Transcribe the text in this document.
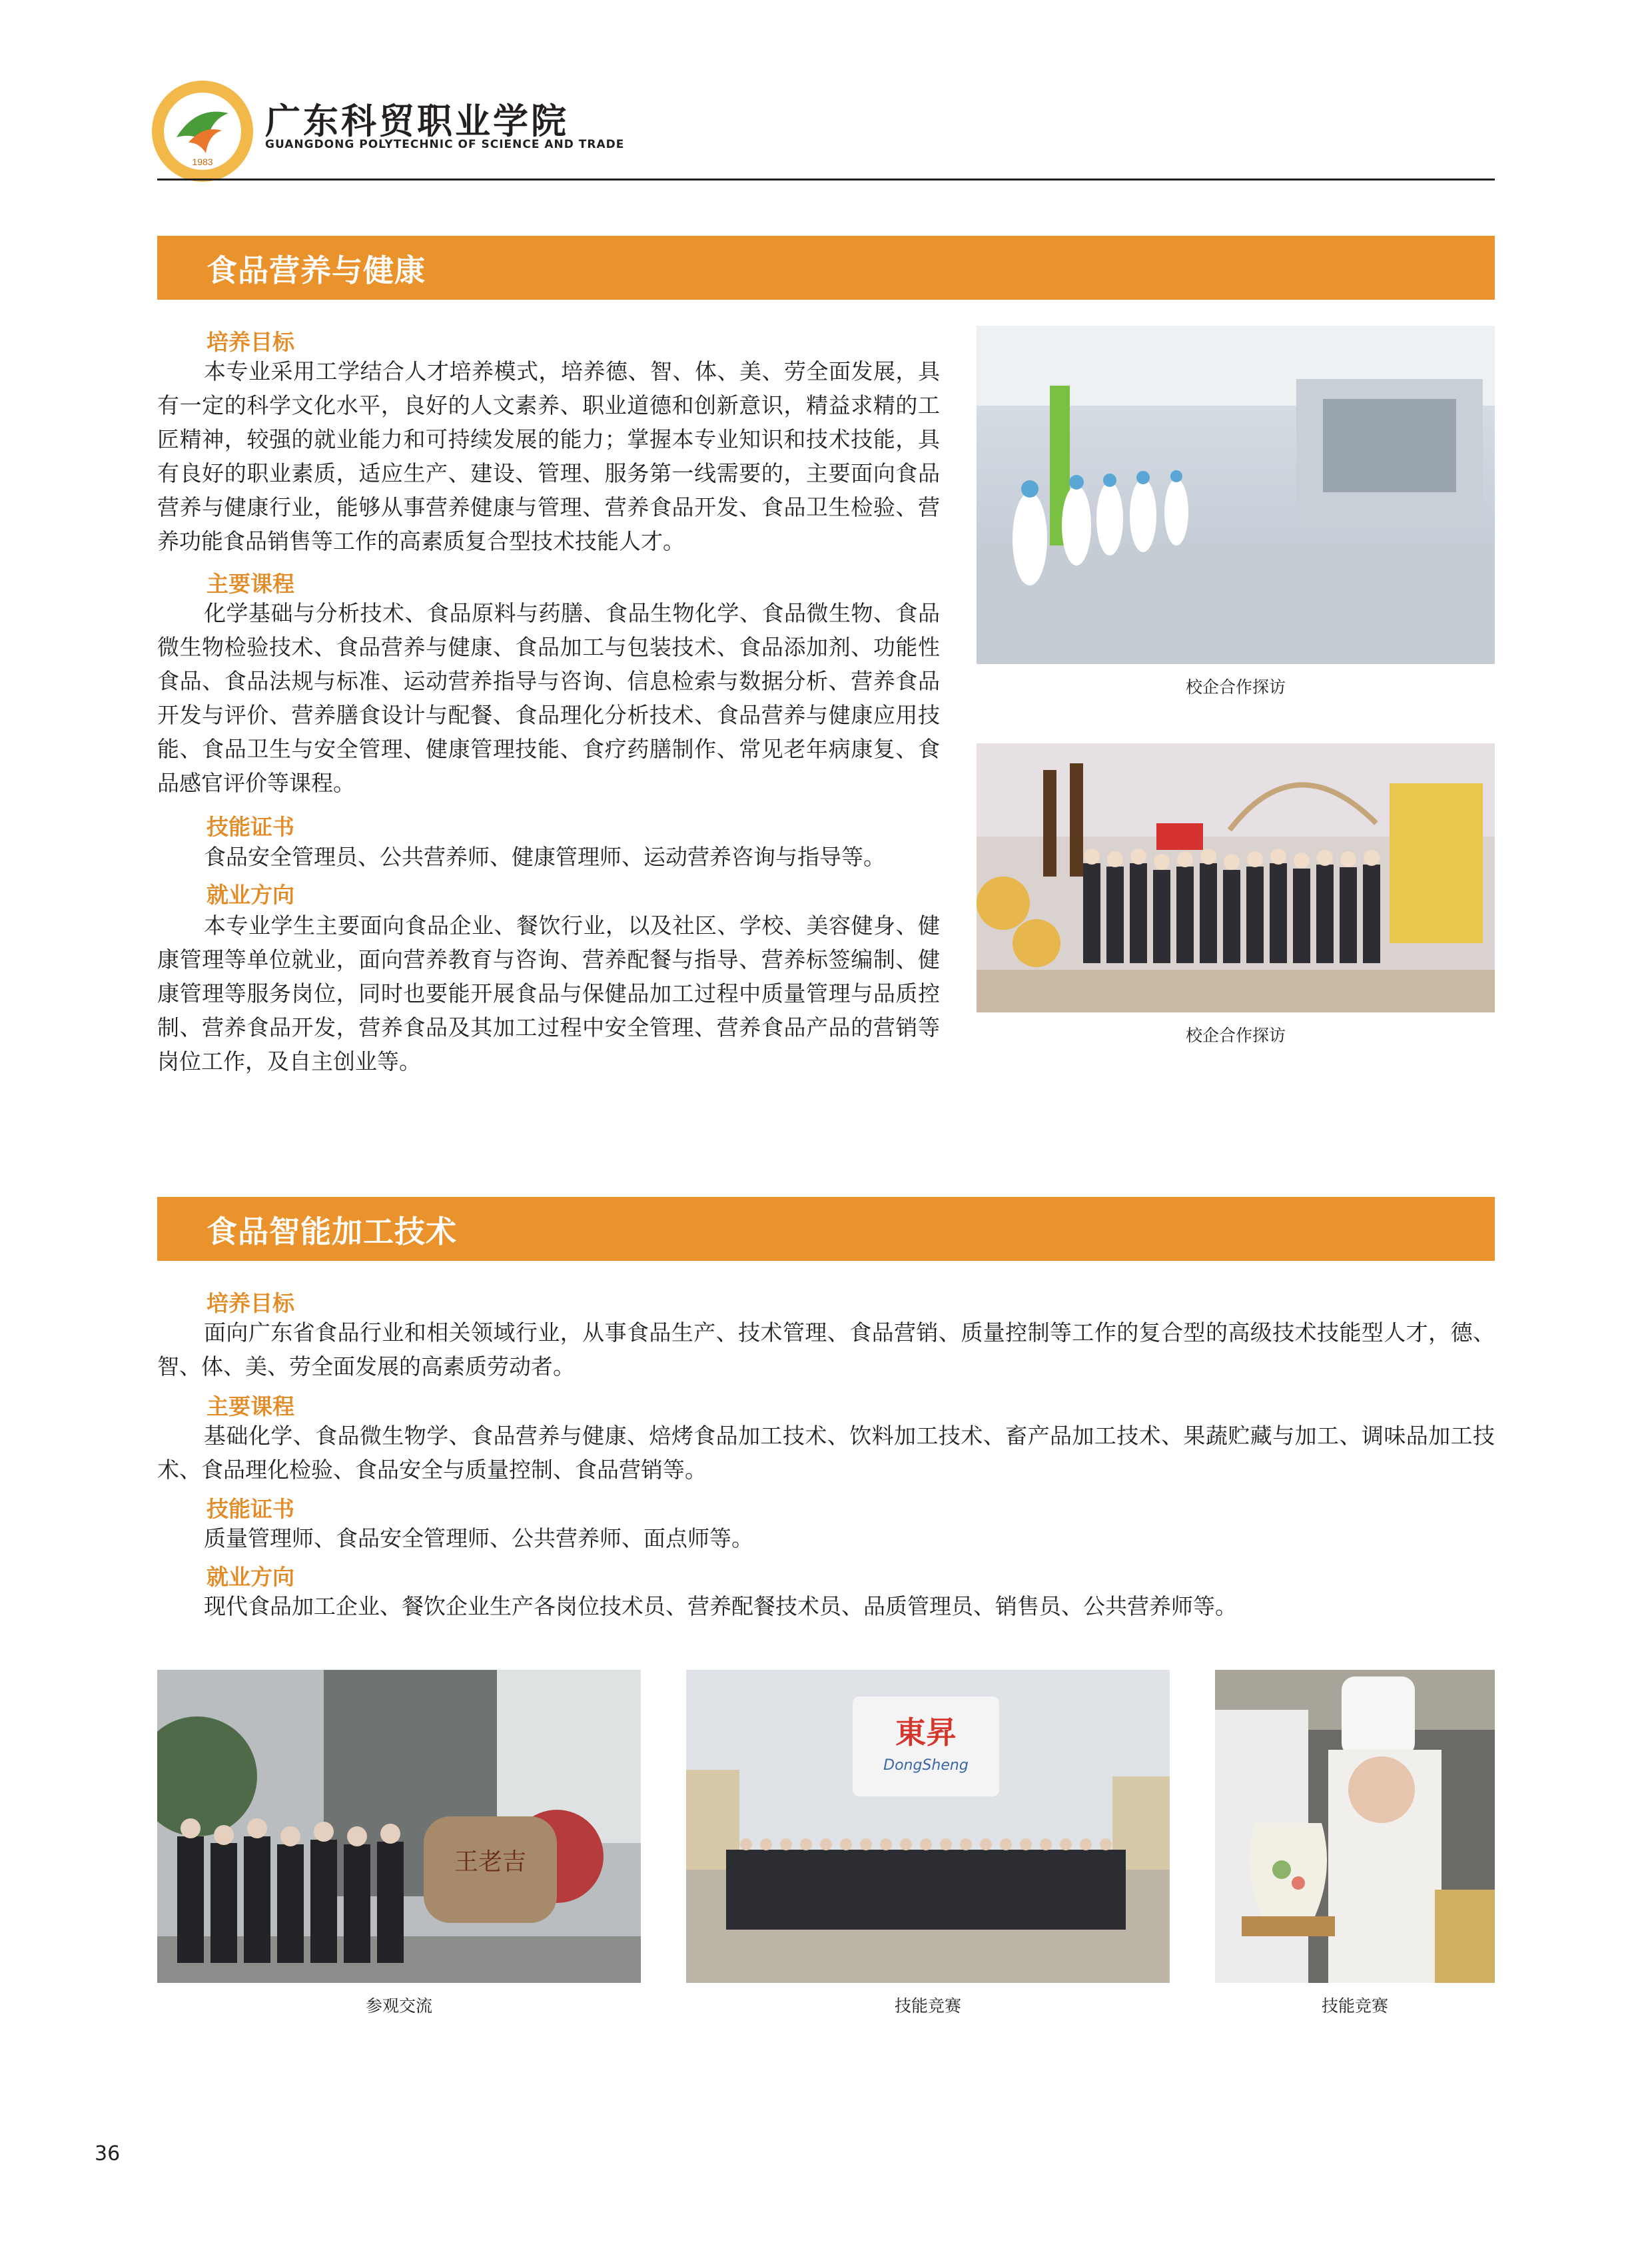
1983
广东科贸职业学院
GUANGDONG POLYTECHNIC OF SCIENCE AND TRADE
食品营养与健康
培养目标

本专业采用工学结合人才培养模式，培养德、智、体、美、劳全面发展，具有一定的科学文化水平，良好的人文素养、职业道德和创新意识，精益求精的工匠精神，较强的就业能力和可持续发展的能力；掌握本专业知识和技术技能，具有良好的职业素质，适应生产、建设、管理、服务第一线需要的，主要面向食品营养与健康行业，能够从事营养健康与管理、营养食品开发、食品卫生检验、营养功能食品销售等工作的高素质复合型技术技能人才。

主要课程

化学基础与分析技术、食品原料与药膳、食品生物化学、食品微生物、食品微生物检验技术、食品营养与健康、食品加工与包装技术、食品添加剂、功能性食品、食品法规与标准、运动营养指导与咨询、信息检索与数据分析、营养食品开发与评价、营养膳食设计与配餐、食品理化分析技术、食品营养与健康应用技能、食品卫生与安全管理、健康管理技能、食疗药膳制作、常见老年病康复、食品感官评价等课程。

技能证书

食品安全管理员、公共营养师、健康管理师、运动营养咨询与指导等。

就业方向

本专业学生主要面向食品企业、餐饮行业，以及社区、学校、美容健身、健康管理等单位就业，面向营养教育与咨询、营养配餐与指导、营养标签编制、健康管理等服务岗位，同时也要能开展食品与保健品加工过程中质量管理与品质控制、营养食品开发，营养食品及其加工过程中安全管理、营养食品产品的营销等岗位工作，及自主创业等。

校企合作探访
校企合作探访
食品智能加工技术
培养目标

面向广东省食品行业和相关领域行业，从事食品生产、技术管理、食品营销、质量控制等工作的复合型的高级技术技能型人才，德、智、体、美、劳全面发展的高素质劳动者。

主要课程

基础化学、食品微生物学、食品营养与健康、焙烤食品加工技术、饮料加工技术、畜产品加工技术、果蔬贮藏与加工、调味品加工技术、食品理化检验、食品安全与质量控制、食品营销等。

技能证书

质量管理师、食品安全管理师、公共营养师、面点师等。

就业方向

现代食品加工企业、餐饮企业生产各岗位技术员、营养配餐技术员、品质管理员、销售员、公共营养师等。

王老吉
参观交流
東昇
DongSheng
技能竞赛	技能竞赛
36
